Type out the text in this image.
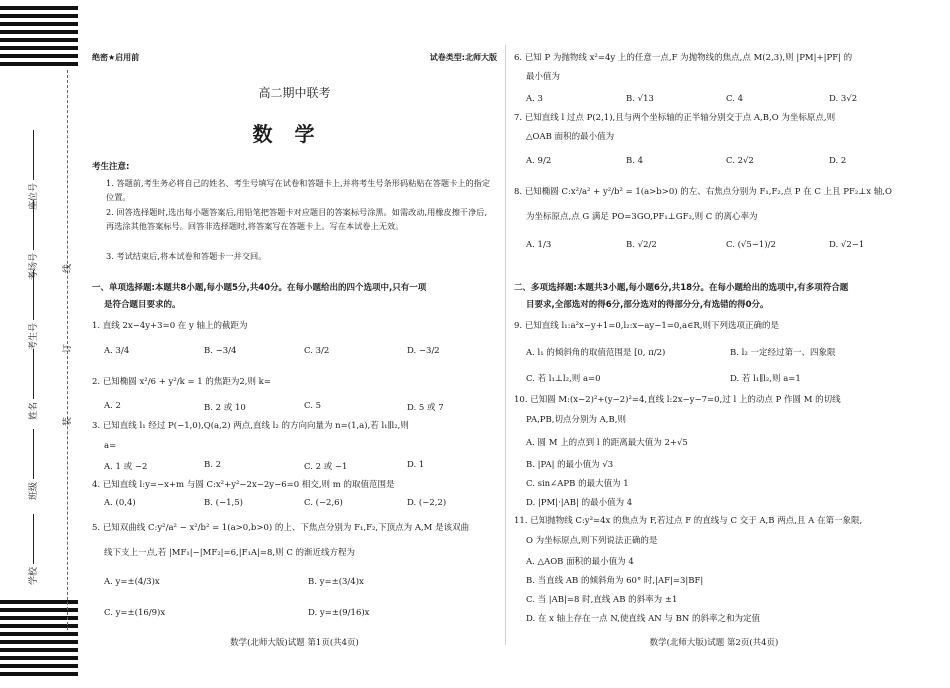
座位号
考场号
考生号
姓名
班级
学校
线
订
装
绝密★启用前	试卷类型:北师大版
高二期中联考
数学
考生注意:
1. 答题前,考生务必将自己的姓名、考生号填写在试卷和答题卡上,并将考生号条形码粘贴在答题卡上的指定位置。
2. 回答选择题时,选出每小题答案后,用铅笔把答题卡对应题目的答案标号涂黑。如需改动,用橡皮擦干净后,再选涂其他答案标号。回答非选择题时,将答案写在答题卡上。写在本试卷上无效。
3. 考试结束后,将本试卷和答题卡一并交回。
一、单项选择题:本题共8小题,每小题5分,共40分。在每小题给出的四个选项中,只有一项
是符合题目要求的。
1. 直线 2x−4y+3=0 在 y 轴上的截距为
A. 3/4	B. −3/4	C. 3/2	D. −3/2
2. 已知椭圆 x²/6 + y²/k = 1 的焦距为2,则 k=
A. 2	B. 2 或 10	C. 5	D. 5 或 7
3. 已知直线 l₁ 经过 P(−1,0),Q(a,2) 两点,直线 l₂ 的方向向量为 n=(1,a),若 l₁∥l₂,则
a=
A. 1 或 −2	B. 2	C. 2 或 −1	D. 1
4. 已知直线 l:y=−x+m 与圆 C:x²+y²−2x−2y−6=0 相交,则 m 的取值范围是
A. (0,4)	B. (−1,5)	C. (−2,6)	D. (−2,2)
5. 已知双曲线 C:y²/a² − x²/b² = 1(a>0,b>0) 的上、下焦点分别为 F₁,F₂,下顶点为 A,M 是该双曲
线下支上一点,若 |MF₁|−|MF₂|=6,|F₁A|=8,则 C 的渐近线方程为
A. y=±(4/3)x	B. y=±(3/4)x
C. y=±(16/9)x	D. y=±(9/16)x
数学(北师大版)试题 第1页(共4页)
6. 已知 P 为抛物线 x²=4y 上的任意一点,F 为抛物线的焦点,点 M(2,3),则 |PM|+|PF| 的
最小值为
A. 3	B. √13	C. 4	D. 3√2
7. 已知直线 l 过点 P(2,1),且与两个坐标轴的正半轴分别交于点 A,B,O 为坐标原点,则
△OAB 面积的最小值为
A. 9/2	B. 4	C. 2√2	D. 2
8. 已知椭圆 C:x²/a² + y²/b² = 1(a>b>0) 的左、右焦点分别为 F₁,F₂,点 P 在 C 上且 PF₂⊥x 轴,O
为坐标原点,点 G 满足 PO=3GO,PF₁⊥GF₂,则 C 的离心率为
A. 1/3	B. √2/2	C. (√5−1)/2	D. √2−1
二、多项选择题:本题共3小题,每小题6分,共18分。在每小题给出的选项中,有多项符合题
目要求,全部选对的得6分,部分选对的得部分分,有选错的得0分。
9. 已知直线 l₁:a²x−y+1=0,l₂:x−ay−1=0,a∈R,则下列选项正确的是
A. l₁ 的倾斜角的取值范围是 [0, π/2)	B. l₂ 一定经过第一、四象限
C. 若 l₁⊥l₂,则 a=0	D. 若 l₁∥l₂,则 a=1
10. 已知圆 M:(x−2)²+(y−2)²=4,直线 l:2x−y−7=0,过 l 上的动点 P 作圆 M 的切线
PA,PB,切点分别为 A,B,则
A. 圆 M 上的点到 l 的距离最大值为 2+√5
B. |PA| 的最小值为 √3
C. sin∠APB 的最大值为 1
D. |PM|·|AB| 的最小值为 4
11. 已知抛物线 C:y²=4x 的焦点为 F,若过点 F 的直线与 C 交于 A,B 两点,且 A 在第一象限,
O 为坐标原点,则下列说法正确的是
A. △AOB 面积的最小值为 4
B. 当直线 AB 的倾斜角为 60° 时,|AF|=3|BF|
C. 当 |AB|=8 时,直线 AB 的斜率为 ±1
D. 在 x 轴上存在一点 N,使直线 AN 与 BN 的斜率之和为定值
数学(北师大版)试题 第2页(共4页)
